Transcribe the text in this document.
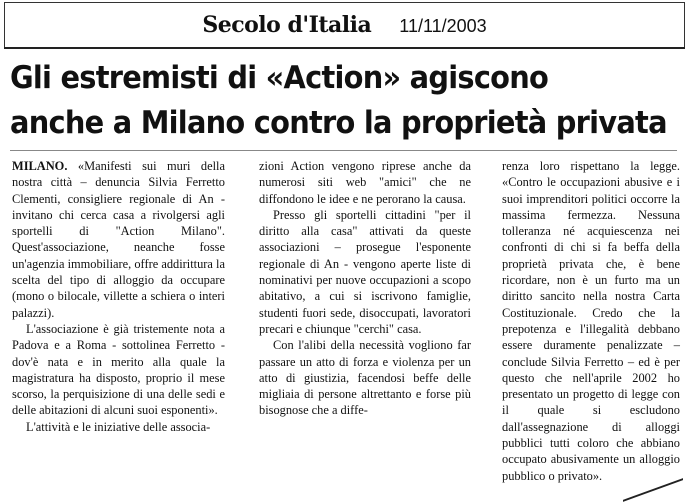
Secolo d'Italia 11/11/2003
Gli estremisti di «Action» agiscono
anche a Milano contro la proprietà privata

MILANO. «Manifesti sui muri della nostra città – denuncia Silvia Ferretto Clementi, consigliere regionale di An - invitano chi cerca casa a rivolgersi agli sportelli di "Action Milano". Quest'associazione, neanche fosse un'agenzia immobiliare, offre addirittura la scelta del tipo di alloggio da occupare (mono o bilocale, villette a schiera o interi palazzi).

L'associazione è già tristemente nota a Padova e a Roma - sottolinea Ferretto - dov'è nata e in merito alla quale la magistratura ha disposto, proprio il mese scorso, la perquisizione di una delle sedi e delle abitazioni di alcuni suoi esponenti».

L'attività e le iniziative delle associa-

zioni Action vengono riprese anche da numerosi siti web "amici" che ne diffondono le idee e ne perorano la causa.

Presso gli sportelli cittadini "per il diritto alla casa" attivati da queste associazioni – prosegue l'esponente regionale di An - vengono aperte liste di nominativi per nuove occupazioni a scopo abitativo, a cui si iscrivono famiglie, studenti fuori sede, disoccupati, lavoratori precari e chiunque "cerchi" casa.

Con l'alibi della necessità vogliono far passare un atto di forza e violenza per un atto di giustizia, facendosi beffe delle migliaia di persone altrettanto e forse più bisognose che a diffe-

renza loro rispettano la legge. «Contro le occupazioni abusive e i suoi imprenditori politici occorre la massima fermezza. Nessuna tolleranza né acquiescenza nei confronti di chi si fa beffa della proprietà privata che, è bene ricordare, non è un furto ma un diritto sancito nella nostra Carta Costituzionale. Credo che la prepotenza e l'illegalità debbano essere duramente penalizzate – conclude Silvia Ferretto – ed è per questo che nell'aprile 2002 ho presentato un progetto di legge con il quale si escludono dall'assegnazione di alloggi pubblici tutti coloro che abbiano occupato abusivamente un alloggio pubblico o privato».
